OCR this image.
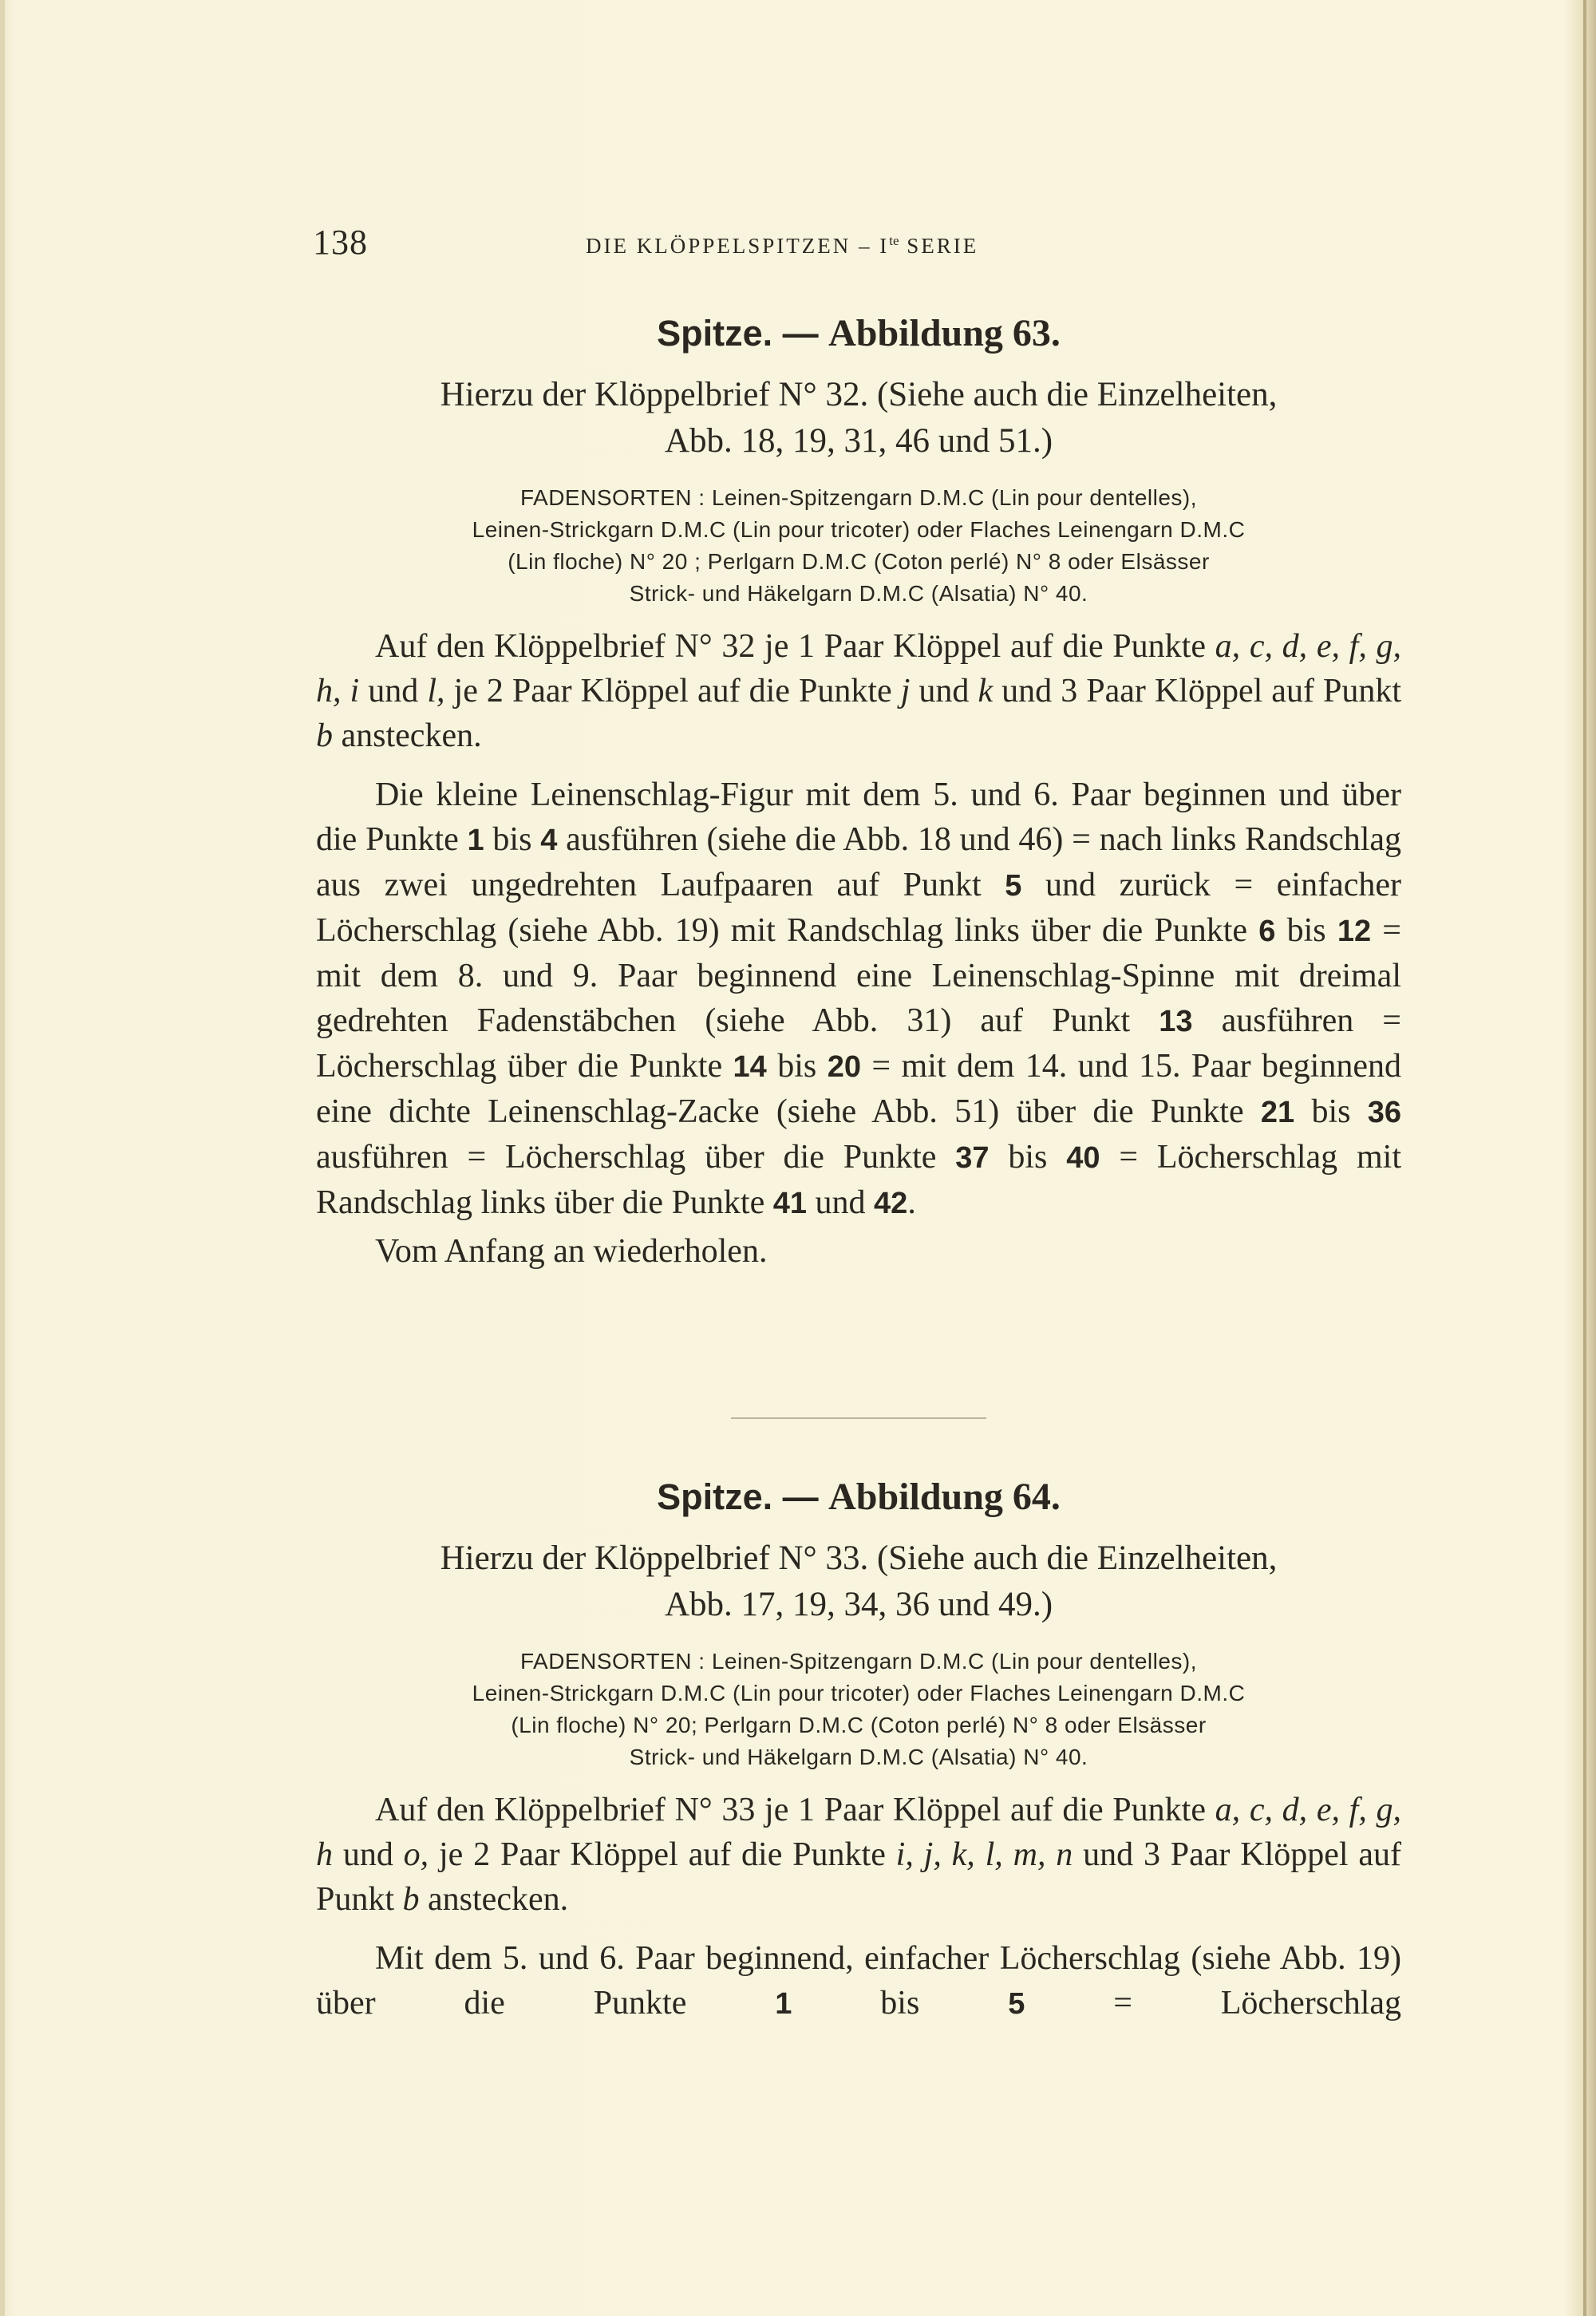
138	DIE KLÖPPELSPITZEN – $I^{te}$ SERIE
Spitze. — Abbildung 63.
Hierzu der Klöppelbrief N° 32. (Siehe auch die Einzelheiten,
Abb. 18, 19, 31, 46 und 51.)
FADENSORTEN : Leinen-Spitzengarn D.M.C (Lin pour dentelles),
Leinen-Strickgarn D.M.C (Lin pour tricoter) oder Flaches Leinengarn D.M.C
(Lin floche) N° 20 ; Perlgarn D.M.C (Coton perlé) N° 8 oder Elsässer
Strick- und Häkelgarn D.M.C (Alsatia) N° 40.

Auf den Klöppelbrief N° 32 je 1 Paar Klöppel auf die Punkte a, c, d, e, f, g, h, i und l, je 2 Paar Klöppel auf die Punkte j und k und 3 Paar Klöppel auf Punkt b anstecken.

Die kleine Leinenschlag-Figur mit dem 5. und 6. Paar beginnen und über die Punkte 1 bis 4 ausführen (siehe die Abb. 18 und 46) = nach links Randschlag aus zwei ungedrehten Laufpaaren auf Punkt 5 und zurück = einfacher Löcherschlag (siehe Abb. 19) mit Randschlag links über die Punkte 6 bis 12 = mit dem 8. und 9. Paar beginnend eine Leinenschlag-Spinne mit dreimal gedrehten Fadenstäbchen (siehe Abb. 31) auf Punkt 13 ausführen = Löcherschlag über die Punkte 14 bis 20 = mit dem 14. und 15. Paar beginnend eine dichte Leinenschlag-Zacke (siehe Abb. 51) über die Punkte 21 bis 36 ausführen = Löcherschlag über die Punkte 37 bis 40 = Löcherschlag mit Randschlag links über die Punkte 41 und 42.

Vom Anfang an wiederholen.
Spitze. — Abbildung 64.
Hierzu der Klöppelbrief N° 33. (Siehe auch die Einzelheiten,
Abb. 17, 19, 34, 36 und 49.)
FADENSORTEN : Leinen-Spitzengarn D.M.C (Lin pour dentelles),
Leinen-Strickgarn D.M.C (Lin pour tricoter) oder Flaches Leinengarn D.M.C
(Lin floche) N° 20; Perlgarn D.M.C (Coton perlé) N° 8 oder Elsässer
Strick- und Häkelgarn D.M.C (Alsatia) N° 40.

Auf den Klöppelbrief N° 33 je 1 Paar Klöppel auf die Punkte a, c, d, e, f, g, h und o, je 2 Paar Klöppel auf die Punkte i, j, k, l, m, n und 3 Paar Klöppel auf Punkt b anstecken.

Mit dem 5. und 6. Paar beginnend, einfacher Löcherschlag (siehe Abb. 19) über die Punkte 1 bis 5 = Löcherschlag
